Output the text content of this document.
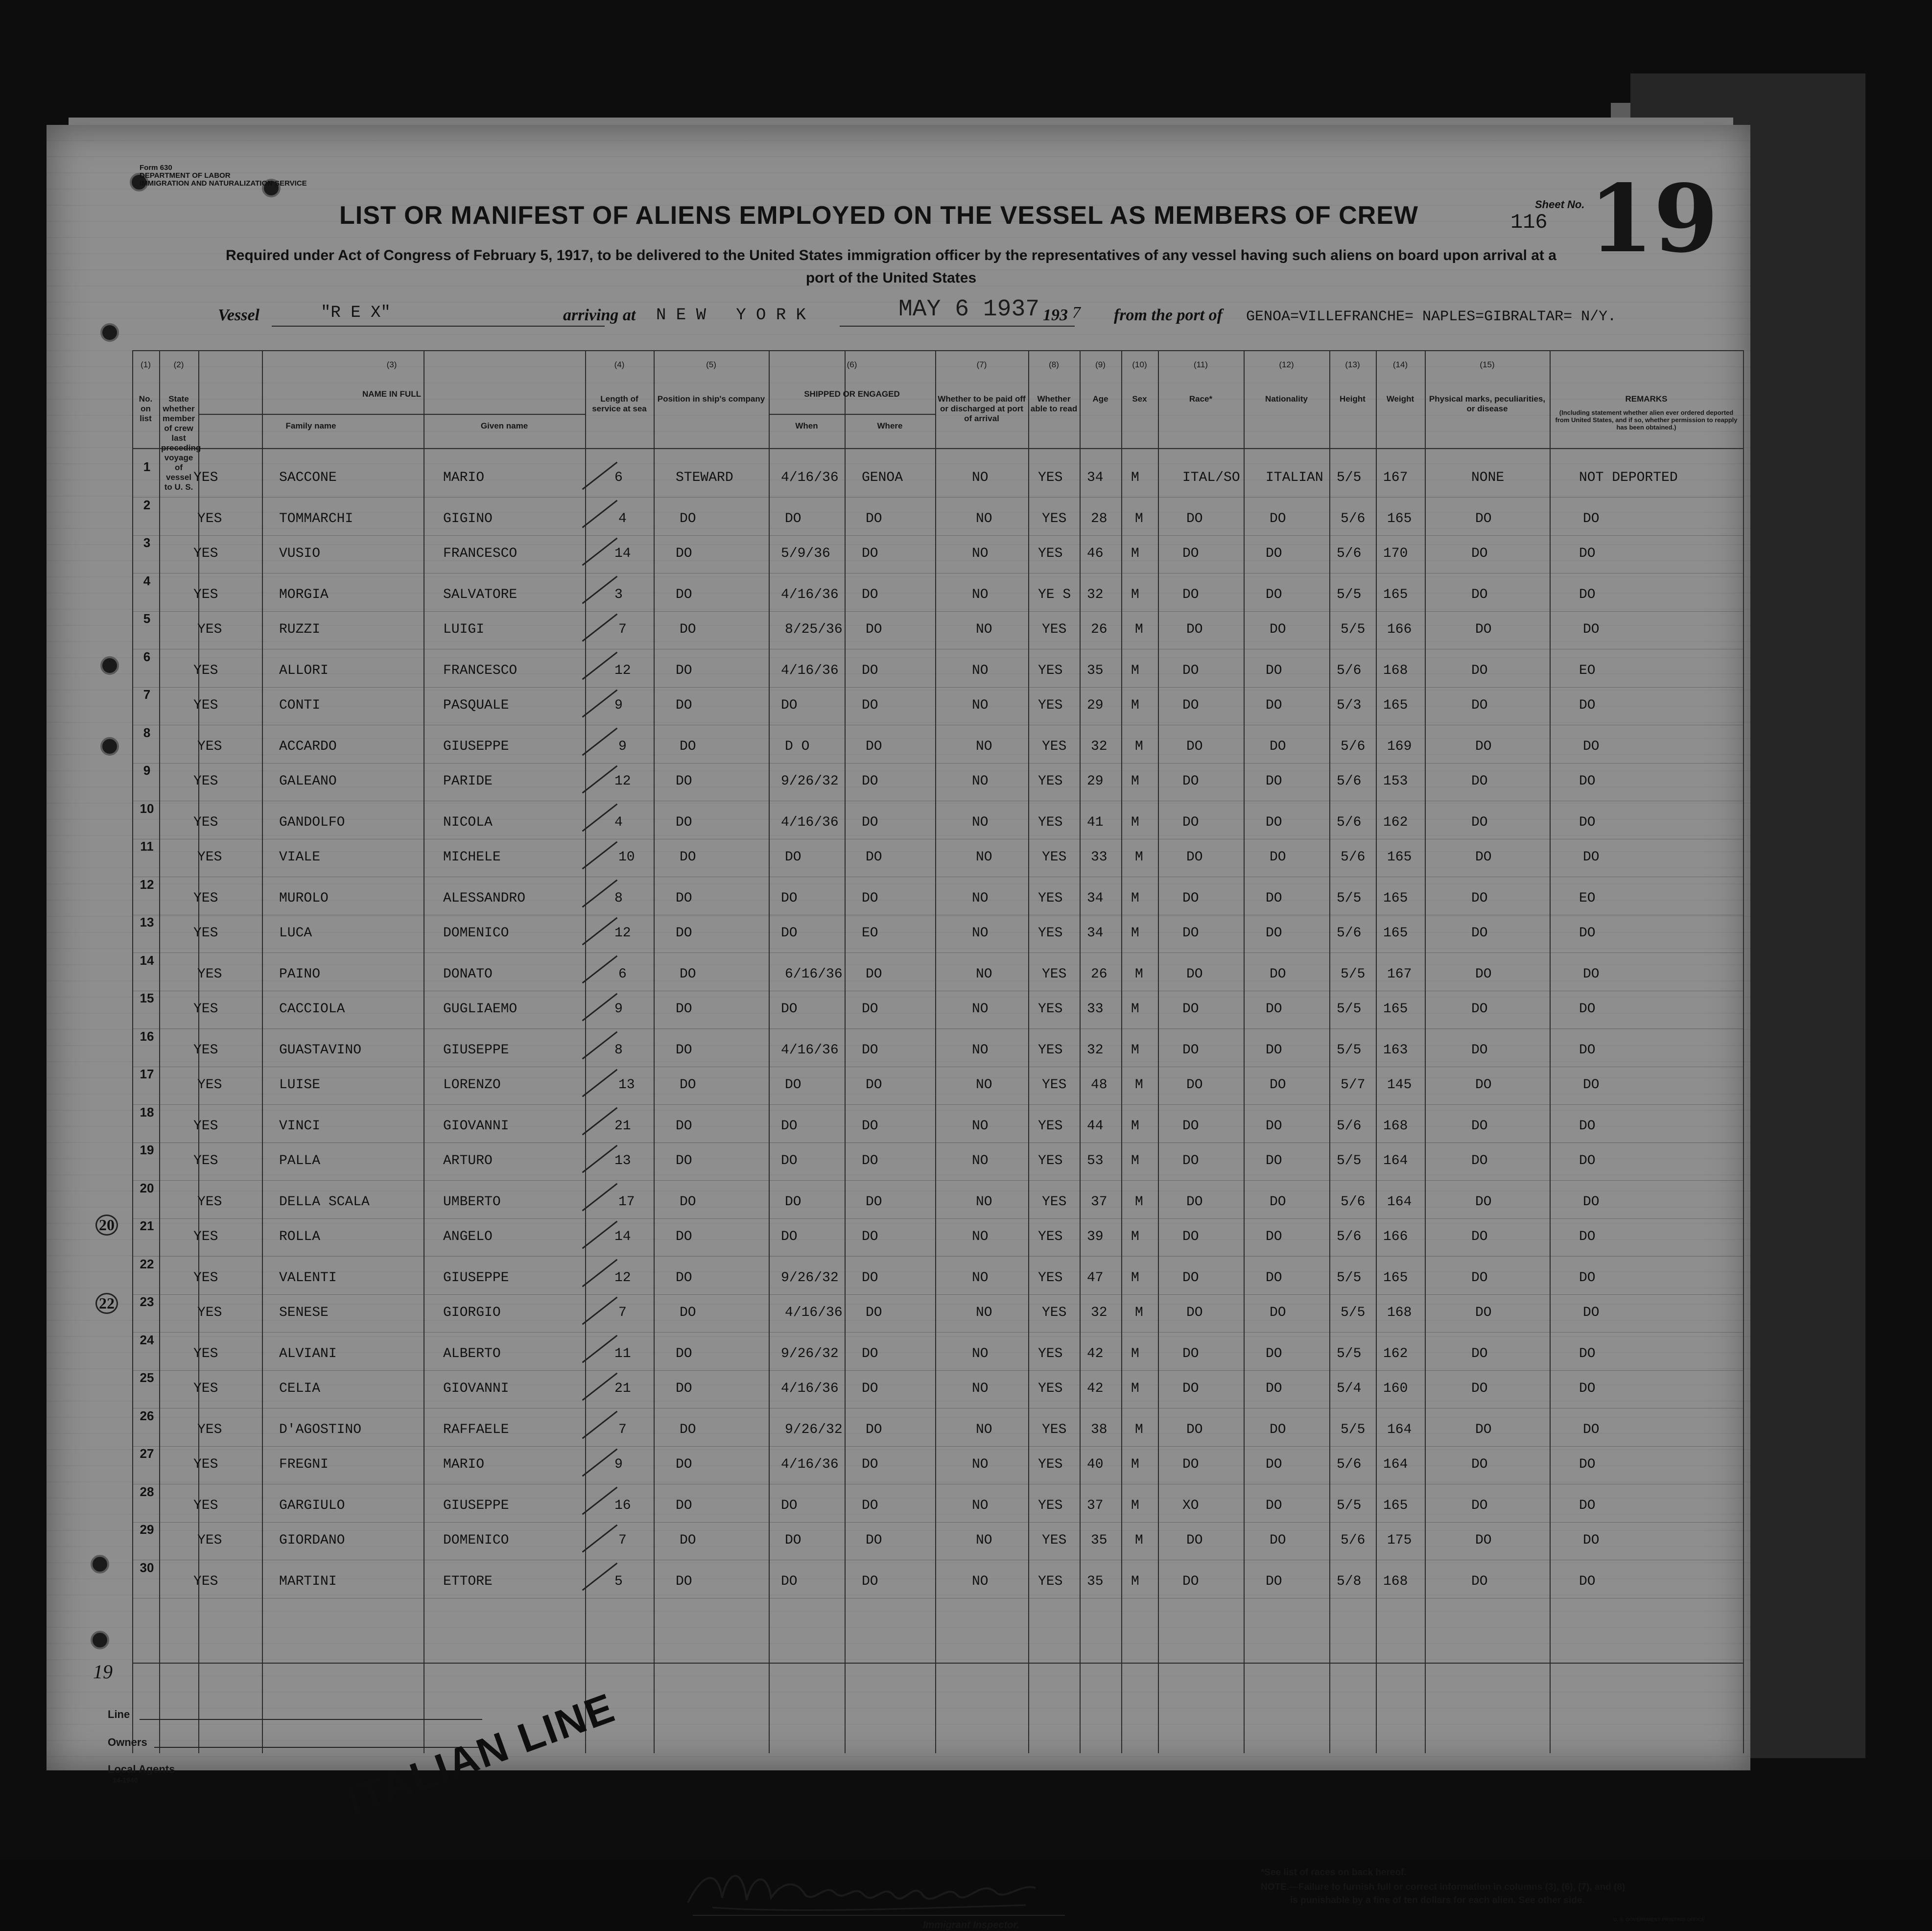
Form 630
DEPARTMENT OF LABOR
IMMIGRATION AND NATURALIZATION SERVICE
LIST OR MANIFEST OF ALIENS EMPLOYED ON THE VESSEL AS MEMBERS OF CREW
Required under Act of Congress of February 5, 1917, to be delivered to the United States immigration officer by the representatives of any vessel having such aliens on board upon arrival at a
port of the United States
Sheet No.
116 19
Vessel	"R E X"	arriving at N E W   Y O R K	MAY 6 1937 193 7 from the port of GENOA=VILLEFRANCHE= NAPLES=GIBRALTAR= N/Y.
(1)
No. on list
(2)
State whether member of crew last preceding voyage of vessel to U. S.
(3)
NAME IN FULL
Family name	Given name
(4)
Length of service at sea
(5)
Position in ship's company
(6)
SHIPPED OR ENGAGED
When	Where
(7)
Whether to be paid off or discharged at port of arrival
(8)
Whether able to read
(9)
Age
(10)
Sex
(11)
Race*
(12)
Nationality
(13)
Height
(14)
Weight
(15)
Physical marks, peculiarities, or disease
REMARKS
(Including statement whether alien ever ordered deported from United States, and if so, whether permission to reapply has been obtained.)
1
YES	SACCONE	MARIO	6	STEWARD	4/16/36 GENOA	NO	YES 34 M	ITAL/SO ITALIAN 5/5 167	NONE	NOT DEPORTED
2
YES	TOMMARCHI	GIGINO	4	DO	DO	DO	NO	YES 28 M	DO	DO	5/6 165	DO	DO
3
YES	VUSIO	FRANCESCO	14	DO	5/9/36 DO	NO	YES 46 M	DO	DO	5/6 170	DO	DO
4
YES	MORGIA	SALVATORE	3	DO	4/16/36 DO	NO	YE S 32 M	DO	DO	5/5 165	DO	DO
5
YES	RUZZI	LUIGI	7	DO	8/25/36 DO	NO	YES 26 M	DO	DO	5/5 166	DO	DO
6
YES	ALLORI	FRANCESCO	12	DO	4/16/36 DO	NO	YES 35 M	DO	DO	5/6 168	DO	EO
7
YES	CONTI	PASQUALE	9	DO	DO	DO	NO	YES 29 M	DO	DO	5/3 165	DO	DO
8
YES	ACCARDO	GIUSEPPE	9	DO	D O	DO	NO	YES 32 M	DO	DO	5/6 169	DO	DO
9
YES	GALEANO	PARIDE	12	DO	9/26/32 DO	NO	YES 29 M	DO	DO	5/6 153	DO	DO
10
YES	GANDOLFO	NICOLA	4	DO	4/16/36 DO	NO	YES 41 M	DO	DO	5/6 162	DO	DO
11
YES	VIALE	MICHELE	10	DO	DO	DO	NO	YES 33 M	DO	DO	5/6 165	DO	DO
12
YES	MUROLO	ALESSANDRO	8	DO	DO	DO	NO	YES 34 M	DO	DO	5/5 165	DO	EO
13
YES	LUCA	DOMENICO	12	DO	DO	EO	NO	YES 34 M	DO	DO	5/6 165	DO	DO
14
YES	PAINO	DONATO	6	DO	6/16/36 DO	NO	YES 26 M	DO	DO	5/5 167	DO	DO
15
YES	CACCIOLA	GUGLIAEMO	9	DO	DO	DO	NO	YES 33 M	DO	DO	5/5 165	DO	DO
16
YES	GUASTAVINO	GIUSEPPE	8	DO	4/16/36 DO	NO	YES 32 M	DO	DO	5/5 163	DO	DO
17
YES	LUISE	LORENZO	13	DO	DO	DO	NO	YES 48 M	DO	DO	5/7 145	DO	DO
18
YES	VINCI	GIOVANNI	21	DO	DO	DO	NO	YES 44 M	DO	DO	5/6 168	DO	DO
19
YES	PALLA	ARTURO	13	DO	DO	DO	NO	YES 53 M	DO	DO	5/5 164	DO	DO
20
YES	DELLA SCALA	UMBERTO	17	DO	DO	DO	NO	YES 37 M	DO	DO	5/6 164	DO	DO
21
YES	ROLLA	ANGELO	14	DO	DO	DO	NO	YES 39 M	DO	DO	5/6 166	DO	DO
22
YES	VALENTI	GIUSEPPE	12	DO	9/26/32 DO	NO	YES 47 M	DO	DO	5/5 165	DO	DO
23
YES	SENESE	GIORGIO	7	DO	4/16/36 DO	NO	YES 32 M	DO	DO	5/5 168	DO	DO
24
YES	ALVIANI	ALBERTO	11	DO	9/26/32 DO	NO	YES 42 M	DO	DO	5/5 162	DO	DO
25
YES	CELIA	GIOVANNI	21	DO	4/16/36 DO	NO	YES 42 M	DO	DO	5/4 160	DO	DO
26
YES	D'AGOSTINO	RAFFAELE	7	DO	9/26/32 DO	NO	YES 38 M	DO	DO	5/5 164	DO	DO
27
YES	FREGNI	MARIO	9	DO	4/16/36 DO	NO	YES 40 M	DO	DO	5/6 164	DO	DO
28
YES	GARGIULO	GIUSEPPE	16	DO	DO	DO	NO	YES 37 M	XO	DO	5/5 165	DO	DO
29
YES	GIORDANO	DOMENICO	7	DO	DO	DO	NO	YES 35 M	DO	DO	5/6 175	DO	DO
30
YES	MARTINI	ETTORE	5	DO	DO	DO	NO	YES 35 M	DO	DO	5/8 168	DO	DO
20
22
19
Line
Owners
Local Agents
14-1940	ITALIAN LINE
Immigrant Inspector.
*See list of races on back hereof.
NOTE.—Failure to furnish full or correct information in columns (3), (6), (7), and (8)
is punishable by a fine of ten dollars for each alien. See other side.
U. S. GOVERNMENT PRINTING OFFICE
